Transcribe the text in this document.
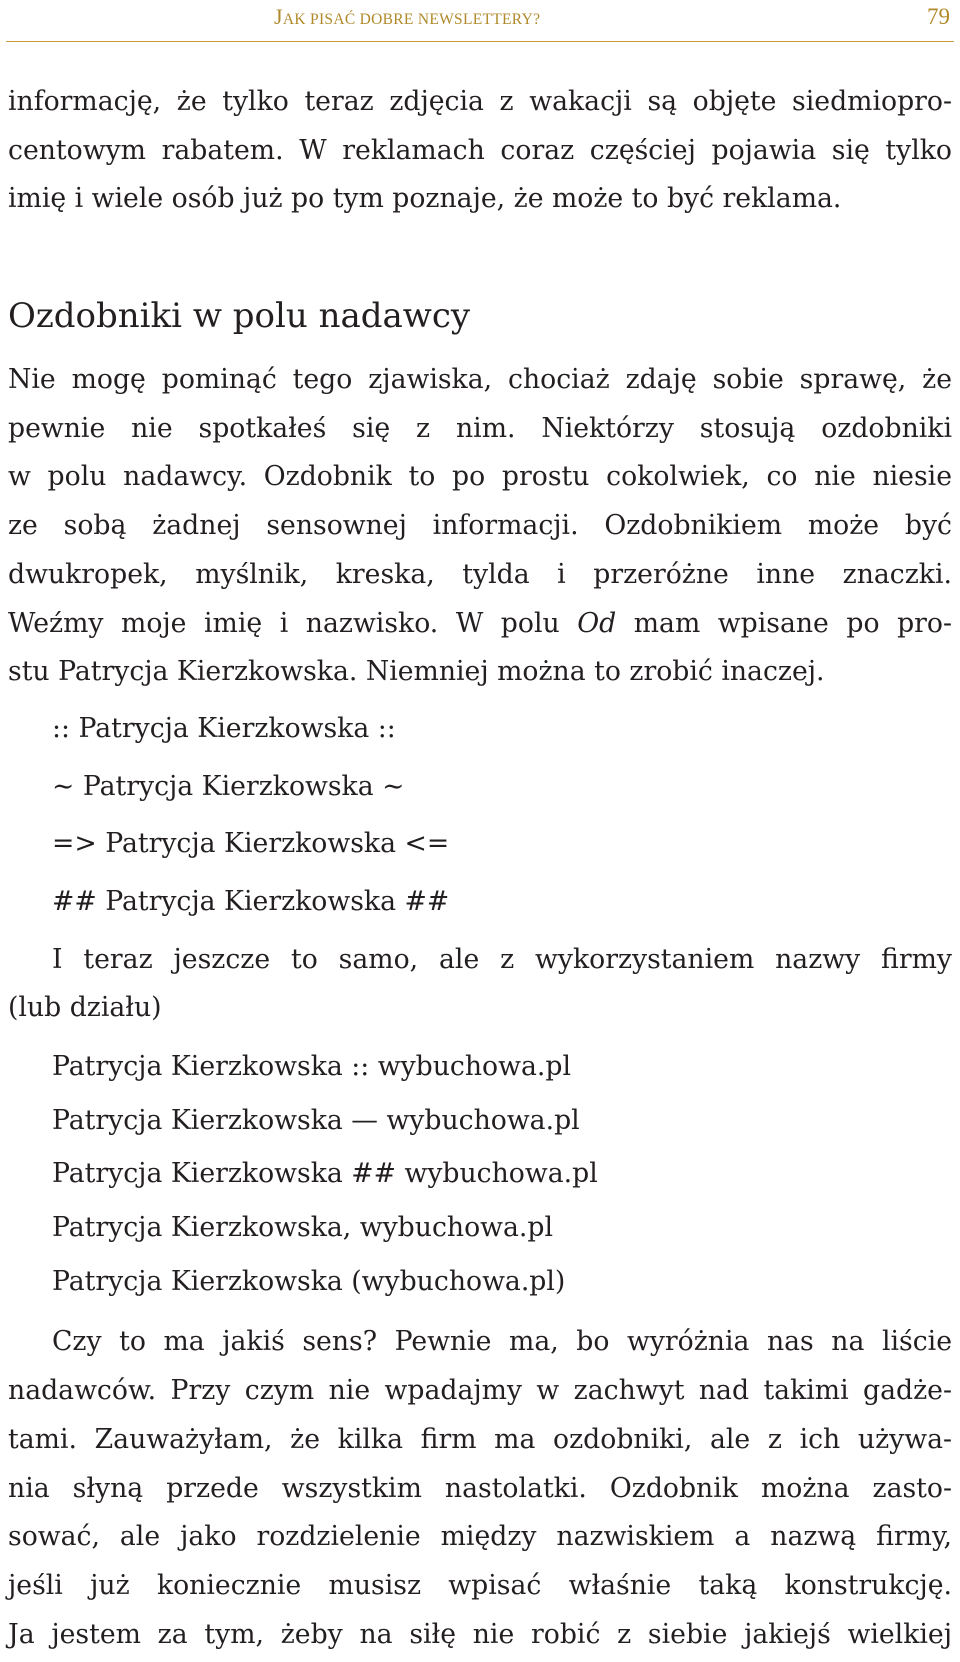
JAK PISAĆ DOBRE NEWSLETTERY?	79
informację, że tylko teraz zdjęcia z wakacji są objęte siedmiopro-
centowym rabatem. W reklamach coraz częściej pojawia się tylko
imię i wiele osób już po tym poznaje, że może to być reklama.
Ozdobniki w polu nadawcy
Nie mogę pominąć tego zjawiska, chociaż zdaję sobie sprawę, że
pewnie nie spotkałeś się z nim. Niektórzy stosują ozdobniki
w polu nadawcy. Ozdobnik to po prostu cokolwiek, co nie niesie
ze sobą żadnej sensownej informacji. Ozdobnikiem może być
dwukropek, myślnik, kreska, tylda i przeróżne inne znaczki.
Weźmy moje imię i nazwisko. W polu Od mam wpisane po pro-
stu Patrycja Kierzkowska. Niemniej można to zrobić inaczej.
:: Patrycja Kierzkowska ::
∼ Patrycja Kierzkowska ∼
=> Patrycja Kierzkowska <=
## Patrycja Kierzkowska ##
I teraz jeszcze to samo, ale z wykorzystaniem nazwy firmy
(lub działu)
Patrycja Kierzkowska :: wybuchowa.pl
Patrycja Kierzkowska — wybuchowa.pl
Patrycja Kierzkowska ## wybuchowa.pl
Patrycja Kierzkowska, wybuchowa.pl
Patrycja Kierzkowska (wybuchowa.pl)
Czy to ma jakiś sens? Pewnie ma, bo wyróżnia nas na liście
nadawców. Przy czym nie wpadajmy w zachwyt nad takimi gadże-
tami. Zauważyłam, że kilka firm ma ozdobniki, ale z ich używa-
nia słyną przede wszystkim nastolatki. Ozdobnik można zasto-
sować, ale jako rozdzielenie między nazwiskiem a nazwą firmy,
jeśli już koniecznie musisz wpisać właśnie taką konstrukcję.
Ja jestem za tym, żeby na siłę nie robić z siebie jakiejś wielkiej
